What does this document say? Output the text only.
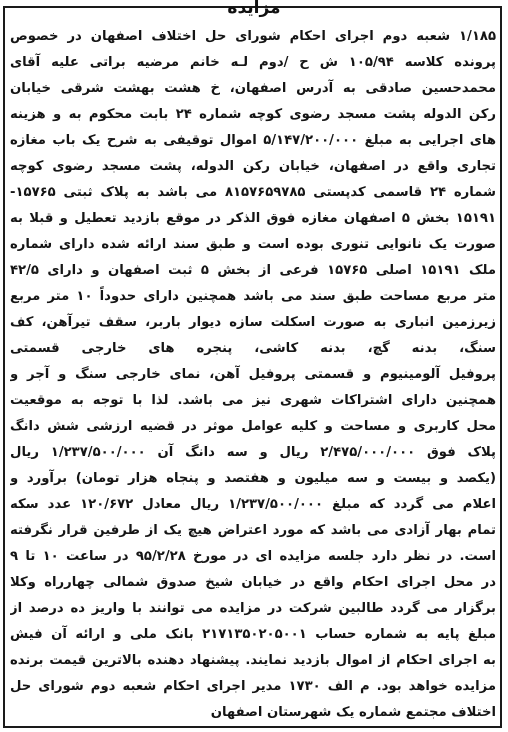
مزایده
۱/۱۸۵ شعبه دوم اجرای احکام شورای حل اختلاف اصفهان در خصوص
پرونده کلاسه ۱۰۵/۹۴ ش ح /دوم لـه خانم مرضیه براتی علیه آقای
محمدحسین صادقی به آدرس اصفهان، خ هشت بهشت شرقی خیابان
رکن الدوله پشت مسجد رضوی کوچه شماره ۲۴ بابت محکوم به و هزینه
های اجرایی به مبلغ ۵/۱۴۷/۲۰۰/۰۰۰ اموال توقیفی به شرح یک باب مغازه
تجاری واقع در اصفهان، خیابان رکن الدوله، پشت مسجد رضوی کوچه
شماره ۲۴ قاسمی کدپستی ۸۱۵۷۶۵۹۷۸۵ می باشد به پلاک ثبتی ۱۵۷۶۵-
۱۵۱۹۱ بخش ۵ اصفهان مغازه فوق الذکر در موقع بازدید تعطیل و قبلا به
صورت یک نانوایی تنوری بوده است و طبق سند ارائه شده دارای شماره
ملک ۱۵۱۹۱ اصلی ۱۵۷۶۵ فرعی از بخش ۵ ثبت اصفهان و دارای ۴۲/۵
متر مربع مساحت طبق سند می باشد همچنین دارای حدوداً ۱۰ متر مربع
زیرزمین انباری به صورت اسکلت سازه دیوار باربر، سقف تیرآهن، کف
سنگ، بدنه گچ، بدنه کاشی، پنجره های خارجی قسمتی
پروفیل آلومینیوم و قسمتی پروفیل آهن، نمای خارجی سنگ و آجر و
همچنین دارای اشتراکات شهری نیز می باشد. لذا با توجه به موقعیت
محل کاربری و مساحت و کلیه عوامل موثر در قضیه ارزشی شش دانگ
پلاک فوق ۲/۴۷۵/۰۰۰/۰۰۰ ریال و سه دانگ آن ۱/۲۳۷/۵۰۰/۰۰۰ ریال
(یکصد و بیست و سه میلیون و هفتصد و پنجاه هزار تومان) برآورد و
اعلام می گردد که مبلغ ۱/۲۳۷/۵۰۰/۰۰۰ ریال معادل ۱۲۰/۶۷۲ عدد سکه
تمام بهار آزادی می باشد که مورد اعتراض هیچ یک از طرفین قرار نگرفته
است. در نظر دارد جلسه مزایده ای در مورخ ۹۵/۲/۲۸ در ساعت ۱۰ تا ۹
در محل اجرای احکام واقع در خیابان شیخ صدوق شمالی چهارراه وکلا
برگزار می گردد طالبین شرکت در مزایده می توانند با واریز ده درصد از
مبلغ پایه به شماره حساب ۲۱۷۱۳۵۰۲۰۵۰۰۱ بانک ملی و ارائه آن فیش
به اجرای احکام از اموال بازدید نمایند. پیشنهاد دهنده بالاترین قیمت برنده
مزایده خواهد بود. م الف ۱۷۳۰ مدیر اجرای احکام شعبه دوم شورای حل
اختلاف مجتمع شماره یک شهرستان اصفهان
